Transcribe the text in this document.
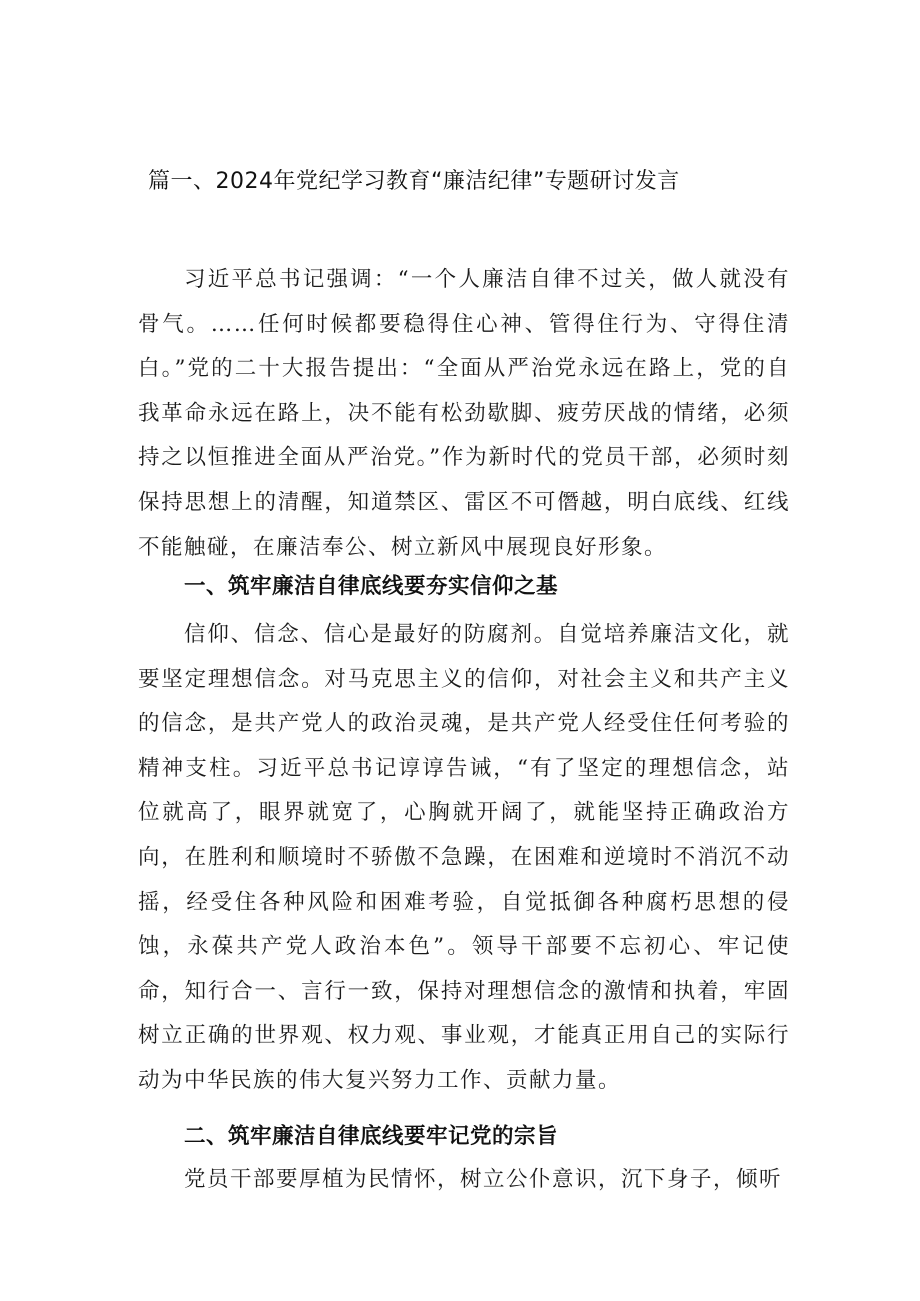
篇一、2024年党纪学习教育“廉洁纪律”专题研讨发言

习近平总书记强调：“一个人廉洁自律不过关，做人就没有骨气。……任何时候都要稳得住心神、管得住行为、守得住清白。”党的二十大报告提出：“全面从严治党永远在路上，党的自我革命永远在路上，决不能有松劲歇脚、疲劳厌战的情绪，必须持之以恒推进全面从严治党。”作为新时代的党员干部，必须时刻保持思想上的清醒，知道禁区、雷区不可僭越，明白底线、红线不能触碰，在廉洁奉公、树立新风中展现良好形象。

一、筑牢廉洁自律底线要夯实信仰之基

信仰、信念、信心是最好的防腐剂。自觉培养廉洁文化，就要坚定理想信念。对马克思主义的信仰，对社会主义和共产主义的信念，是共产党人的政治灵魂，是共产党人经受住任何考验的精神支柱。习近平总书记谆谆告诫，“有了坚定的理想信念，站位就高了，眼界就宽了，心胸就开阔了，就能坚持正确政治方向，在胜利和顺境时不骄傲不急躁，在困难和逆境时不消沉不动摇，经受住各种风险和困难考验，自觉抵御各种腐朽思想的侵蚀，永葆共产党人政治本色”。领导干部要不忘初心、牢记使命，知行合一、言行一致，保持对理想信念的激情和执着，牢固树立正确的世界观、权力观、事业观，才能真正用自己的实际行动为中华民族的伟大复兴努力工作、贡献力量。

二、筑牢廉洁自律底线要牢记党的宗旨

党员干部要厚植为民情怀，树立公仆意识，沉下身子，倾听
